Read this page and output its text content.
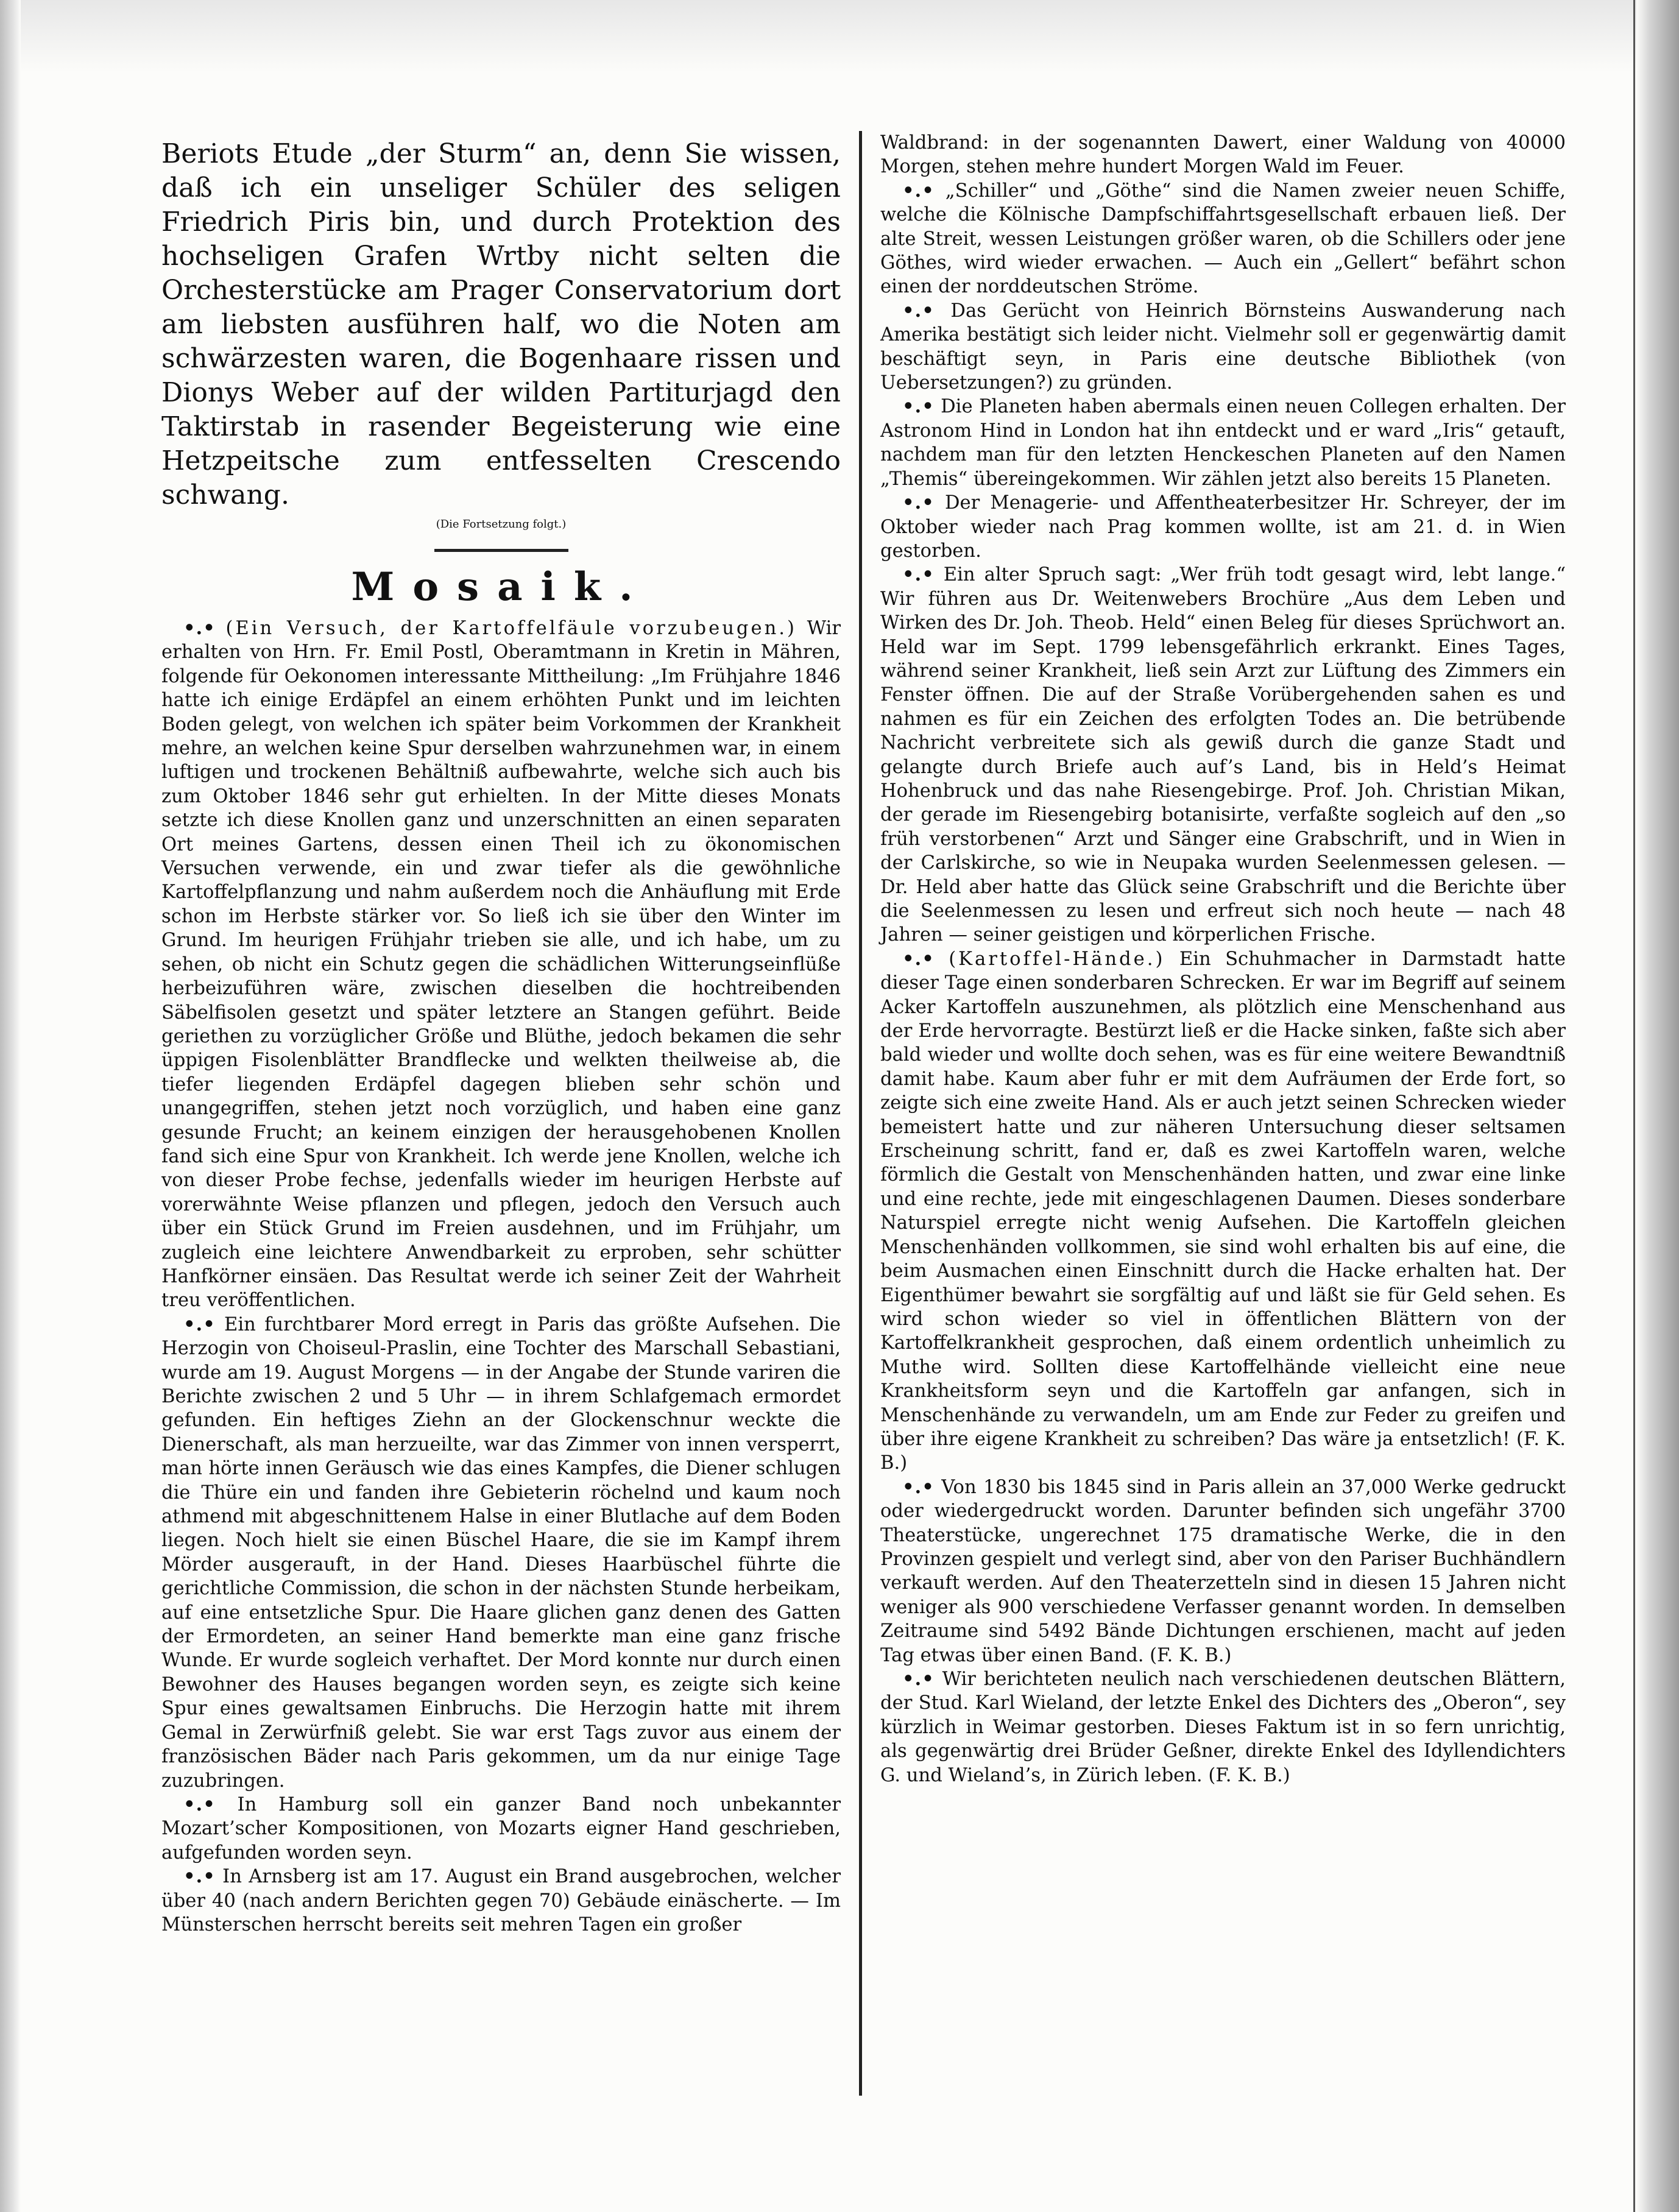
Beriots Etude „der Sturm“ an, denn Sie wissen, daß ich ein unseliger Schüler des seligen Friedrich Piris bin, und durch Protektion des hochseligen Grafen Wrtby nicht selten die Orchesterstücke am Prager Conservatorium dort am liebsten ausführen half, wo die Noten am schwärzesten waren, die Bogenhaare rissen und Dionys Weber auf der wilden Partiturjagd den Taktirstab in rasender Begeisterung wie eine Hetzpeitsche zum entfesselten Crescendo schwang.

(Die Fortsetzung folgt.)

Mosaik.

•.• (Ein Versuch, der Kartoffelfäule vorzubeugen.) Wir erhalten von Hrn. Fr. Emil Postl, Oberamtmann in Kretin in Mähren, folgende für Oekonomen interessante Mittheilung: „Im Frühjahre 1846 hatte ich einige Erdäpfel an einem erhöhten Punkt und im leichten Boden gelegt, von welchen ich später beim Vorkommen der Krankheit mehre, an welchen keine Spur derselben wahrzunehmen war, in einem luftigen und trockenen Behältniß aufbewahrte, welche sich auch bis zum Oktober 1846 sehr gut erhielten. In der Mitte dieses Monats setzte ich diese Knollen ganz und unzerschnitten an einen separaten Ort meines Gartens, dessen einen Theil ich zu ökonomischen Versuchen verwende, ein und zwar tiefer als die gewöhnliche Kartoffelpflanzung und nahm außerdem noch die Anhäuflung mit Erde schon im Herbste stärker vor. So ließ ich sie über den Winter im Grund. Im heurigen Frühjahr trieben sie alle, und ich habe, um zu sehen, ob nicht ein Schutz gegen die schädlichen Witterungseinflüße herbeizuführen wäre, zwischen dieselben die hochtreibenden Säbelfisolen gesetzt und später letztere an Stangen geführt. Beide geriethen zu vorzüglicher Größe und Blüthe, jedoch bekamen die sehr üppigen Fisolenblätter Brandflecke und welkten theilweise ab, die tiefer liegenden Erdäpfel dagegen blieben sehr schön und unangegriffen, stehen jetzt noch vorzüglich, und haben eine ganz gesunde Frucht; an keinem einzigen der herausgehobenen Knollen fand sich eine Spur von Krankheit. Ich werde jene Knollen, welche ich von dieser Probe fechse, jedenfalls wieder im heurigen Herbste auf vorerwähnte Weise pflanzen und pflegen, jedoch den Versuch auch über ein Stück Grund im Freien ausdehnen, und im Frühjahr, um zugleich eine leichtere Anwendbarkeit zu erproben, sehr schütter Hanfkörner einsäen. Das Resultat werde ich seiner Zeit der Wahrheit treu veröffentlichen.

•.• Ein furchtbarer Mord erregt in Paris das größte Aufsehen. Die Herzogin von Choiseul-Praslin, eine Tochter des Marschall Sebastiani, wurde am 19. August Morgens — in der Angabe der Stunde variren die Berichte zwischen 2 und 5 Uhr — in ihrem Schlafgemach ermordet gefunden. Ein heftiges Ziehn an der Glockenschnur weckte die Dienerschaft, als man herzueilte, war das Zimmer von innen versperrt, man hörte innen Geräusch wie das eines Kampfes, die Diener schlugen die Thüre ein und fanden ihre Gebieterin röchelnd und kaum noch athmend mit abgeschnittenem Halse in einer Blutlache auf dem Boden liegen. Noch hielt sie einen Büschel Haare, die sie im Kampf ihrem Mörder ausgerauft, in der Hand. Dieses Haarbüschel führte die gerichtliche Commission, die schon in der nächsten Stunde herbeikam, auf eine entsetzliche Spur. Die Haare glichen ganz denen des Gatten der Ermordeten, an seiner Hand bemerkte man eine ganz frische Wunde. Er wurde sogleich verhaftet. Der Mord konnte nur durch einen Bewohner des Hauses begangen worden seyn, es zeigte sich keine Spur eines gewaltsamen Einbruchs. Die Herzogin hatte mit ihrem Gemal in Zerwürfniß gelebt. Sie war erst Tags zuvor aus einem der französischen Bäder nach Paris gekommen, um da nur einige Tage zuzubringen.

•.• In Hamburg soll ein ganzer Band noch unbekannter Mozart’scher Kompositionen, von Mozarts eigner Hand geschrieben, aufgefunden worden seyn.

•.• In Arnsberg ist am 17. August ein Brand ausgebrochen, welcher über 40 (nach andern Berichten gegen 70) Gebäude einäscherte. — Im Münsterschen herrscht bereits seit mehren Tagen ein großer

Waldbrand: in der sogenannten Dawert, einer Waldung von 40000 Morgen, stehen mehre hundert Morgen Wald im Feuer.

•.• „Schiller“ und „Göthe“ sind die Namen zweier neuen Schiffe, welche die Kölnische Dampfschiffahrtsgesellschaft erbauen ließ. Der alte Streit, wessen Leistungen größer waren, ob die Schillers oder jene Göthes, wird wieder erwachen. — Auch ein „Gellert“ befährt schon einen der norddeutschen Ströme.

•.• Das Gerücht von Heinrich Börnsteins Auswanderung nach Amerika bestätigt sich leider nicht. Vielmehr soll er gegenwärtig damit beschäftigt seyn, in Paris eine deutsche Bibliothek (von Uebersetzungen?) zu gründen.

•.• Die Planeten haben abermals einen neuen Collegen erhalten. Der Astronom Hind in London hat ihn entdeckt und er ward „Iris“ getauft, nachdem man für den letzten Henckeschen Planeten auf den Namen „Themis“ übereingekommen. Wir zählen jetzt also bereits 15 Planeten.

•.• Der Menagerie- und Affentheaterbesitzer Hr. Schreyer, der im Oktober wieder nach Prag kommen wollte, ist am 21. d. in Wien gestorben.

•.• Ein alter Spruch sagt: „Wer früh todt gesagt wird, lebt lange.“ Wir führen aus Dr. Weitenwebers Brochüre „Aus dem Leben und Wirken des Dr. Joh. Theob. Held“ einen Beleg für dieses Sprüchwort an. Held war im Sept. 1799 lebensgefährlich erkrankt. Eines Tages, während seiner Krankheit, ließ sein Arzt zur Lüftung des Zimmers ein Fenster öffnen. Die auf der Straße Vorübergehenden sahen es und nahmen es für ein Zeichen des erfolgten Todes an. Die betrübende Nachricht verbreitete sich als gewiß durch die ganze Stadt und gelangte durch Briefe auch auf’s Land, bis in Held’s Heimat Hohenbruck und das nahe Riesengebirge. Prof. Joh. Christian Mikan, der gerade im Riesengebirg botanisirte, verfaßte sogleich auf den „so früh verstorbenen“ Arzt und Sänger eine Grabschrift, und in Wien in der Carlskirche, so wie in Neupaka wurden Seelenmessen gelesen. — Dr. Held aber hatte das Glück seine Grabschrift und die Berichte über die Seelenmessen zu lesen und erfreut sich noch heute — nach 48 Jahren — seiner geistigen und körperlichen Frische.

•.• (Kartoffel-Hände.) Ein Schuhmacher in Darmstadt hatte dieser Tage einen sonderbaren Schrecken. Er war im Begriff auf seinem Acker Kartoffeln auszunehmen, als plötzlich eine Menschenhand aus der Erde hervorragte. Bestürzt ließ er die Hacke sinken, faßte sich aber bald wieder und wollte doch sehen, was es für eine weitere Bewandtniß damit habe. Kaum aber fuhr er mit dem Aufräumen der Erde fort, so zeigte sich eine zweite Hand. Als er auch jetzt seinen Schrecken wieder bemeistert hatte und zur näheren Untersuchung dieser seltsamen Erscheinung schritt, fand er, daß es zwei Kartoffeln waren, welche förmlich die Gestalt von Menschenhänden hatten, und zwar eine linke und eine rechte, jede mit eingeschlagenen Daumen. Dieses sonderbare Naturspiel erregte nicht wenig Aufsehen. Die Kartoffeln gleichen Menschenhänden vollkommen, sie sind wohl erhalten bis auf eine, die beim Ausmachen einen Einschnitt durch die Hacke erhalten hat. Der Eigenthümer bewahrt sie sorgfältig auf und läßt sie für Geld sehen. Es wird schon wieder so viel in öffentlichen Blättern von der Kartoffelkrankheit gesprochen, daß einem ordentlich unheimlich zu Muthe wird. Sollten diese Kartoffelhände vielleicht eine neue Krankheitsform seyn und die Kartoffeln gar anfangen, sich in Menschenhände zu verwandeln, um am Ende zur Feder zu greifen und über ihre eigene Krankheit zu schreiben? Das wäre ja entsetzlich! (F. K. B.)

•.• Von 1830 bis 1845 sind in Paris allein an 37,000 Werke gedruckt oder wiedergedruckt worden. Darunter befinden sich ungefähr 3700 Theaterstücke, ungerechnet 175 dramatische Werke, die in den Provinzen gespielt und verlegt sind, aber von den Pariser Buchhändlern verkauft werden. Auf den Theaterzetteln sind in diesen 15 Jahren nicht weniger als 900 verschiedene Verfasser genannt worden. In demselben Zeitraume sind 5492 Bände Dichtungen erschienen, macht auf jeden Tag etwas über einen Band. (F. K. B.)

•.• Wir berichteten neulich nach verschiedenen deutschen Blättern, der Stud. Karl Wieland, der letzte Enkel des Dichters des „Oberon“, sey kürzlich in Weimar gestorben. Dieses Faktum ist in so fern unrichtig, als gegenwärtig drei Brüder Geßner, direkte Enkel des Idyllendichters G. und Wieland’s, in Zürich leben. (F. K. B.)
